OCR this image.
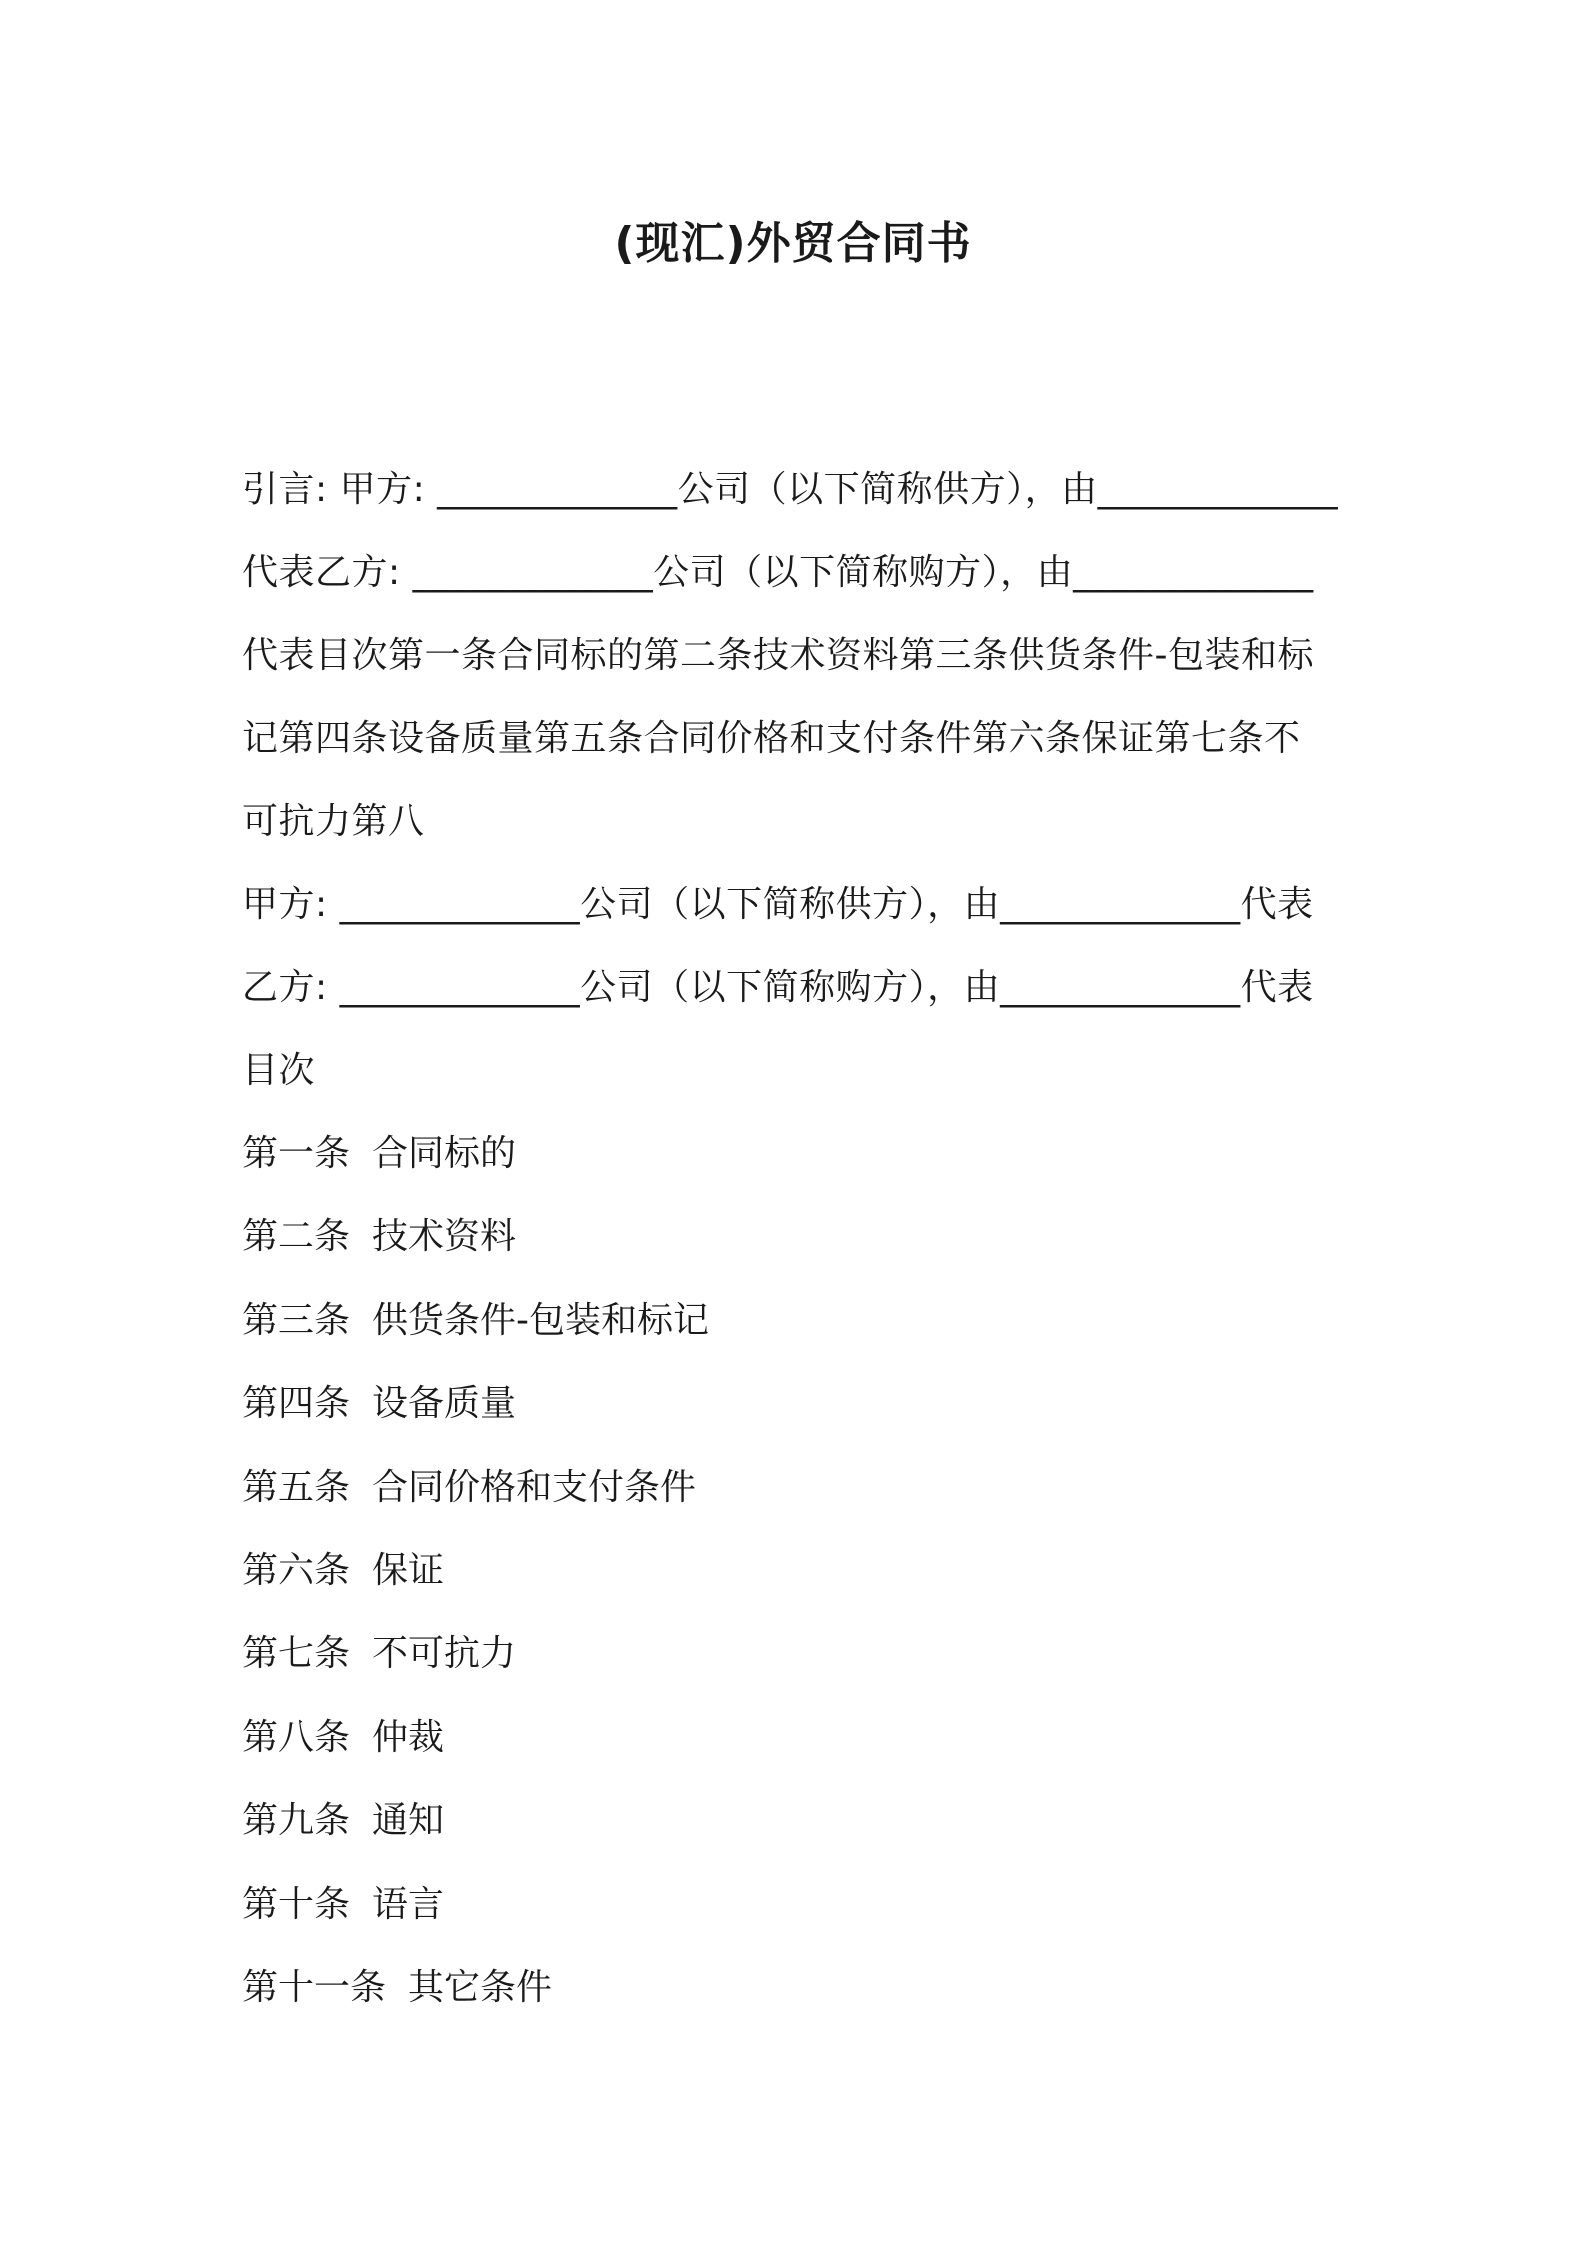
(现汇)外贸合同书
引言: 甲方: _____________公司（以下简称供方），由_____________
代表乙方: _____________公司（以下简称购方），由_____________
代表目次第一条合同标的第二条技术资料第三条供货条件-包装和标
记第四条设备质量第五条合同价格和支付条件第六条保证第七条不
可抗力第八
甲方: _____________公司（以下简称供方），由_____________代表
乙方: _____________公司（以下简称购方），由_____________代表
目次
第一条 合同标的
第二条 技术资料
第三条 供货条件-包装和标记
第四条 设备质量
第五条 合同价格和支付条件
第六条 保证
第七条 不可抗力
第八条 仲裁
第九条 通知
第十条 语言
第十一条 其它条件
